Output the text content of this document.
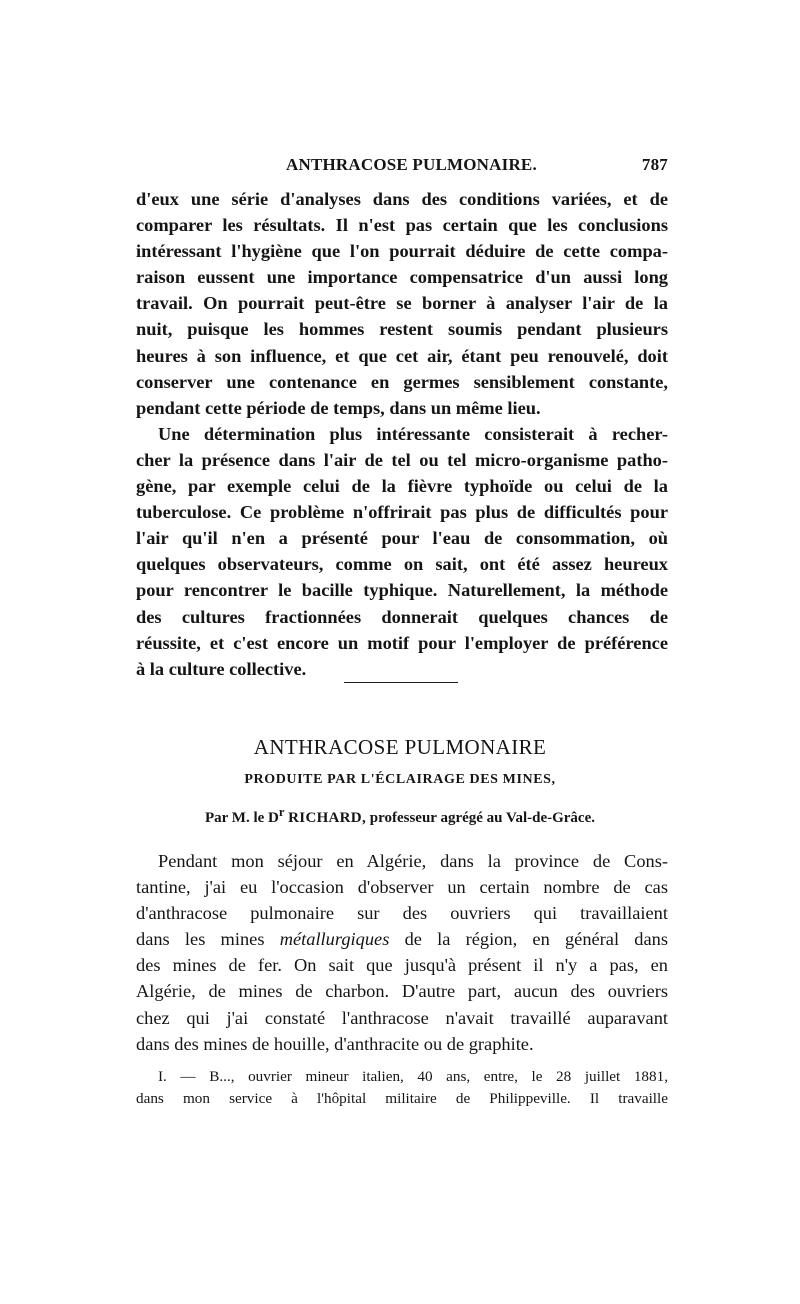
ANTHRACOSE PULMONAIRE.	787
d'eux une série d'analyses dans des conditions variées, et de
comparer les résultats. Il n'est pas certain que les conclusions
intéressant l'hygiène que l'on pourrait déduire de cette compa-
raison eussent une importance compensatrice d'un aussi long
travail. On pourrait peut-être se borner à analyser l'air de la
nuit, puisque les hommes restent soumis pendant plusieurs
heures à son influence, et que cet air, étant peu renouvelé, doit
conserver une contenance en germes sensiblement constante,
pendant cette période de temps, dans un même lieu.
Une détermination plus intéressante consisterait à recher-
cher la présence dans l'air de tel ou tel micro-organisme patho-
gène, par exemple celui de la fièvre typhoïde ou celui de la
tuberculose. Ce problème n'offrirait pas plus de difficultés pour
l'air qu'il n'en a présenté pour l'eau de consommation, où
quelques observateurs, comme on sait, ont été assez heureux
pour rencontrer le bacille typhique. Naturellement, la méthode
des cultures fractionnées donnerait quelques chances de
réussite, et c'est encore un motif pour l'employer de préférence
à la culture collective.
ANTHRACOSE PULMONAIRE
PRODUITE PAR L'ÉCLAIRAGE DES MINES,
Par M. le $D^r$ RICHARD, professeur agrégé au Val-de-Grâce.
Pendant mon séjour en Algérie, dans la province de Cons-
tantine, j'ai eu l'occasion d'observer un certain nombre de cas
d'anthracose pulmonaire sur des ouvriers qui travaillaient
dans les mines métallurgiques de la région, en général dans
des mines de fer. On sait que jusqu'à présent il n'y a pas, en
Algérie, de mines de charbon. D'autre part, aucun des ouvriers
chez qui j'ai constaté l'anthracose n'avait travaillé auparavant
dans des mines de houille, d'anthracite ou de graphite.
I. — B..., ouvrier mineur italien, 40 ans, entre, le 28 juillet 1881,
dans mon service à l'hôpital militaire de Philippeville. Il travaille
